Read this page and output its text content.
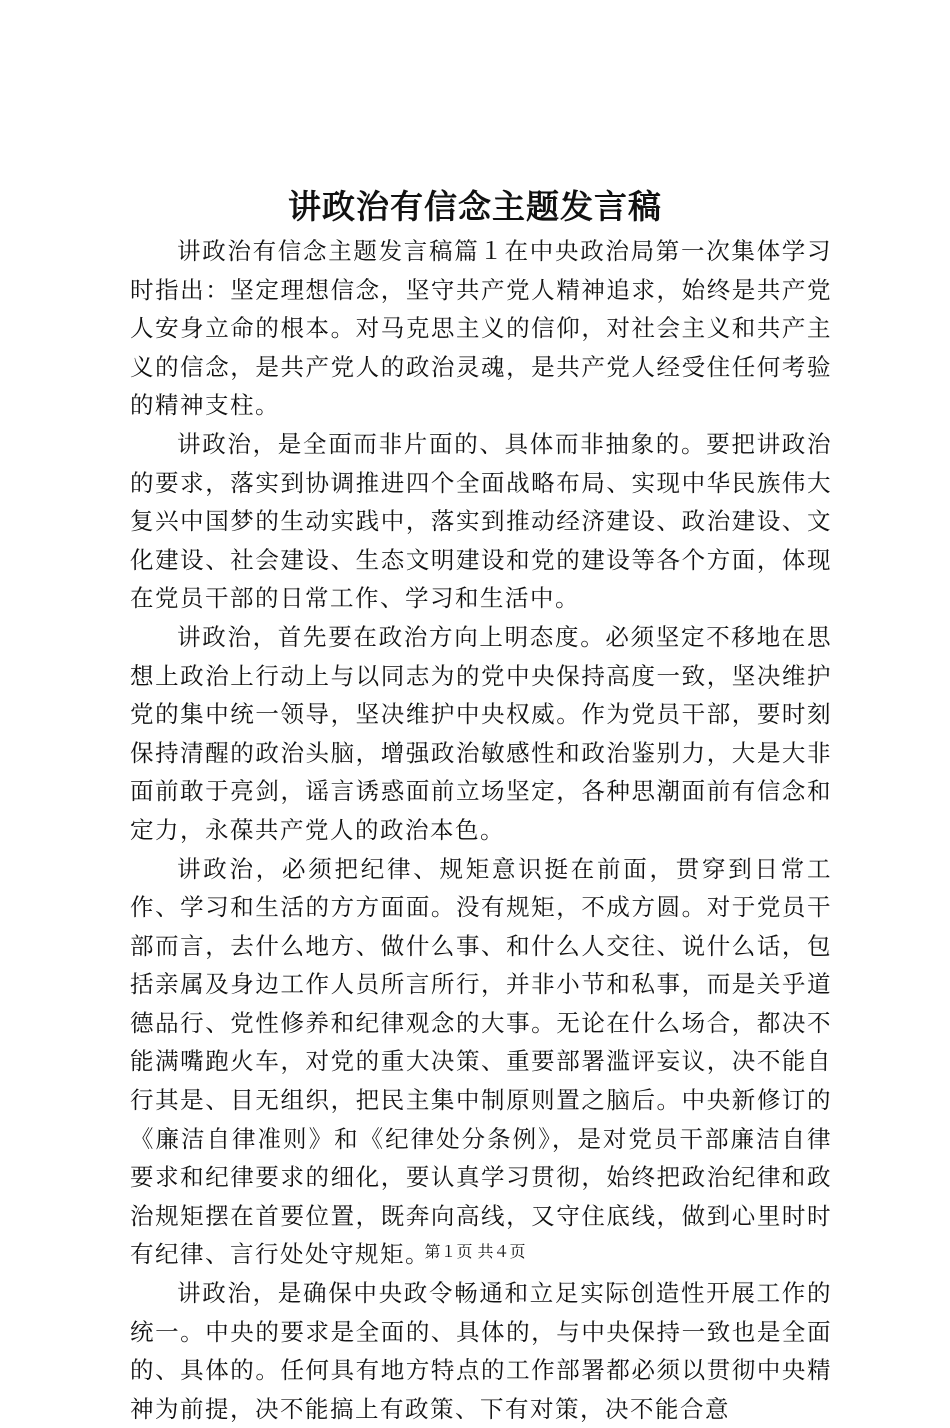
讲政治有信念主题发言稿

讲政治有信念主题发言稿篇１在中央政治局第一次集体学习时指出：坚定理想信念，坚守共产党人精神追求，始终是共产党人安身立命的根本。对马克思主义的信仰，对社会主义和共产主义的信念，是共产党人的政治灵魂，是共产党人经受住任何考验的精神支柱。

讲政治，是全面而非片面的、具体而非抽象的。要把讲政治的要求，落实到协调推进四个全面战略布局、实现中华民族伟大复兴中国梦的生动实践中，落实到推动经济建设、政治建设、文化建设、社会建设、生态文明建设和党的建设等各个方面，体现在党员干部的日常工作、学习和生活中。

讲政治，首先要在政治方向上明态度。必须坚定不移地在思想上政治上行动上与以同志为的党中央保持高度一致，坚决维护党的集中统一领导，坚决维护中央权威。作为党员干部，要时刻保持清醒的政治头脑，增强政治敏感性和政治鉴别力，大是大非面前敢于亮剑，谣言诱惑面前立场坚定，各种思潮面前有信念和定力，永葆共产党人的政治本色。

讲政治，必须把纪律、规矩意识挺在前面，贯穿到日常工作、学习和生活的方方面面。没有规矩，不成方圆。对于党员干部而言，去什么地方、做什么事、和什么人交往、说什么话，包括亲属及身边工作人员所言所行，并非小节和私事，而是关乎道德品行、党性修养和纪律观念的大事。无论在什么场合，都决不能满嘴跑火车，对党的重大决策、重要部署滥评妄议，决不能自行其是、目无组织，把民主集中制原则置之脑后。中央新修订的《廉洁自律准则》和《纪律处分条例》，是对党员干部廉洁自律要求和纪律要求的细化，要认真学习贯彻，始终把政治纪律和政治规矩摆在首要位置，既奔向高线，又守住底线，做到心里时时有纪律、言行处处守规矩。

讲政治，是确保中央政令畅通和立足实际创造性开展工作的统一。中央的要求是全面的、具体的，与中央保持一致也是全面的、具体的。任何具有地方特点的工作部署都必须以贯彻中央精神为前提，决不能搞上有政策、下有对策，决不能合意

第１页 共４页
